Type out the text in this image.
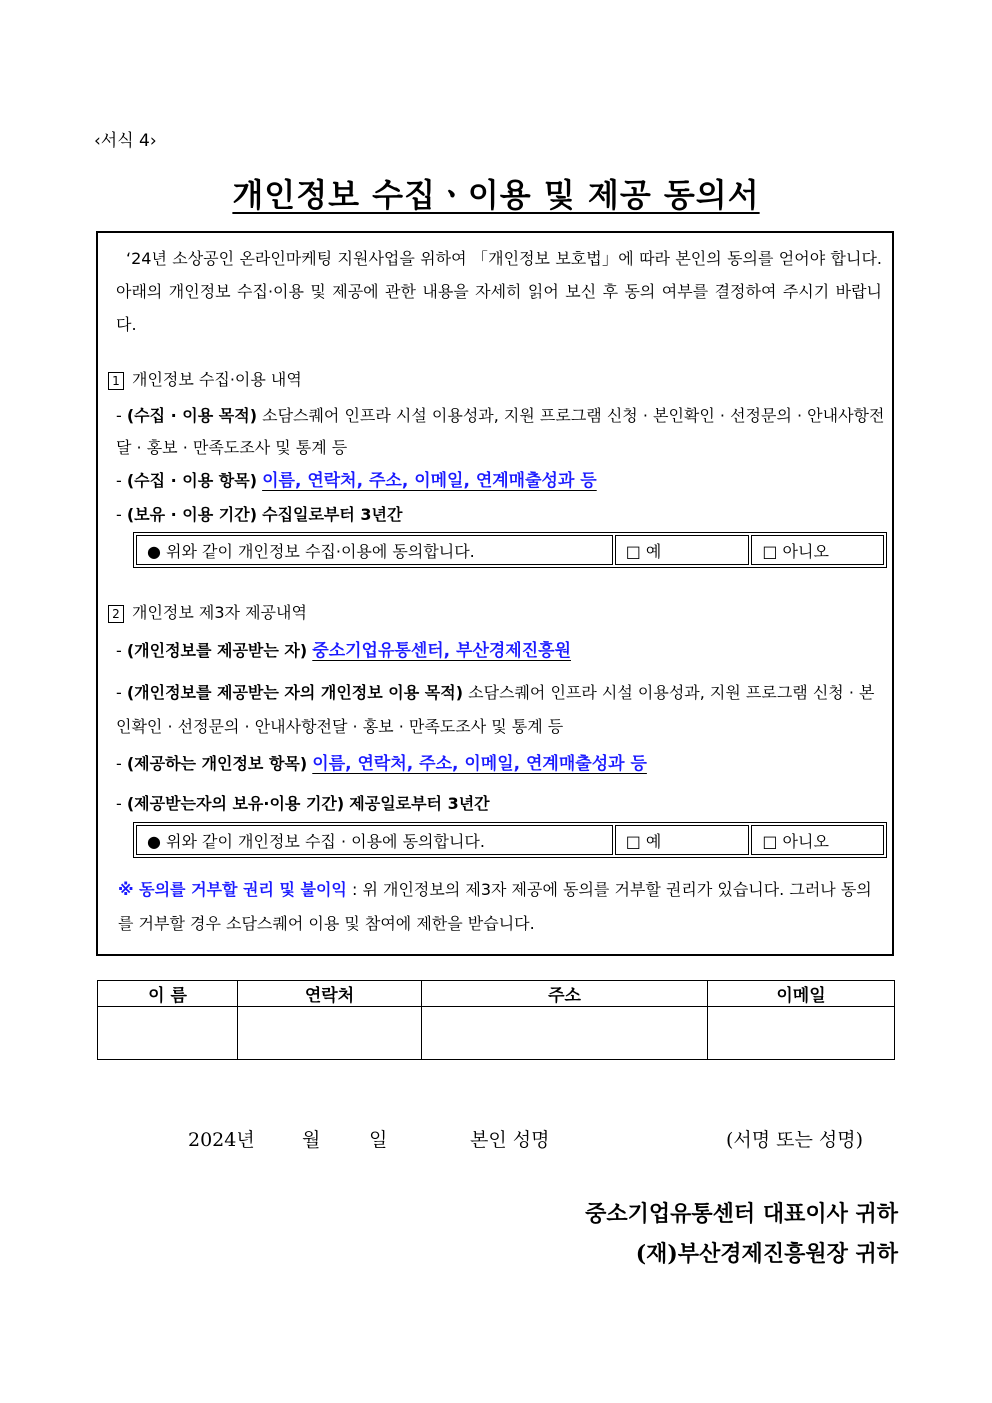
‹서식 4›
개인정보 수집ㆍ이용 및 제공 동의서
‘24년 소상공인 온라인마케팅 지원사업을 위하여 「개인정보 보호법」에 따라 본인의 동의를 얻어야 합니다. 아래의 개인정보 수집·이용 및 제공에 관한 내용을 자세히 읽어 보신 후 동의 여부를 결정하여 주시기 바랍니다.
1 개인정보 수집·이용 내역
- (수집 · 이용 목적) 소담스퀘어 인프라 시설 이용성과, 지원 프로그램 신청 · 본인확인 · 선정문의 · 안내사항전달 · 홍보 · 만족도조사 및 통계 등
- (수집 · 이용 항목) 이름, 연락처, 주소, 이메일, 연계매출성과 등
- (보유 · 이용 기간) 수집일로부터 3년간
● 위와 같이 개인정보 수집·이용에 동의합니다.	□ 예	□ 아니오
2 개인정보 제3자 제공내역
- (개인정보를 제공받는 자) 중소기업유통센터, 부산경제진흥원
- (개인정보를 제공받는 자의 개인정보 이용 목적) 소담스퀘어 인프라 시설 이용성과, 지원 프로그램 신청 · 본인확인 · 선정문의 · 안내사항전달 · 홍보 · 만족도조사 및 통계 등
- (제공하는 개인정보 항목) 이름, 연락처, 주소, 이메일, 연계매출성과 등
- (제공받는자의 보유·이용 기간) 제공일로부터 3년간
● 위와 같이 개인정보 수집 · 이용에 동의합니다.	□ 예	□ 아니오
※ 동의를 거부할 권리 및 불이익 : 위 개인정보의 제3자 제공에 동의를 거부할 권리가 있습니다. 그러나 동의를 거부할 경우 소담스퀘어 이용 및 참여에 제한을 받습니다.
이 름	연락처	주소	이메일

2024년 월	일	본인 성명	(서명 또는 성명)
중소기업유통센터 대표이사 귀하
(재)부산경제진흥원장 귀하
